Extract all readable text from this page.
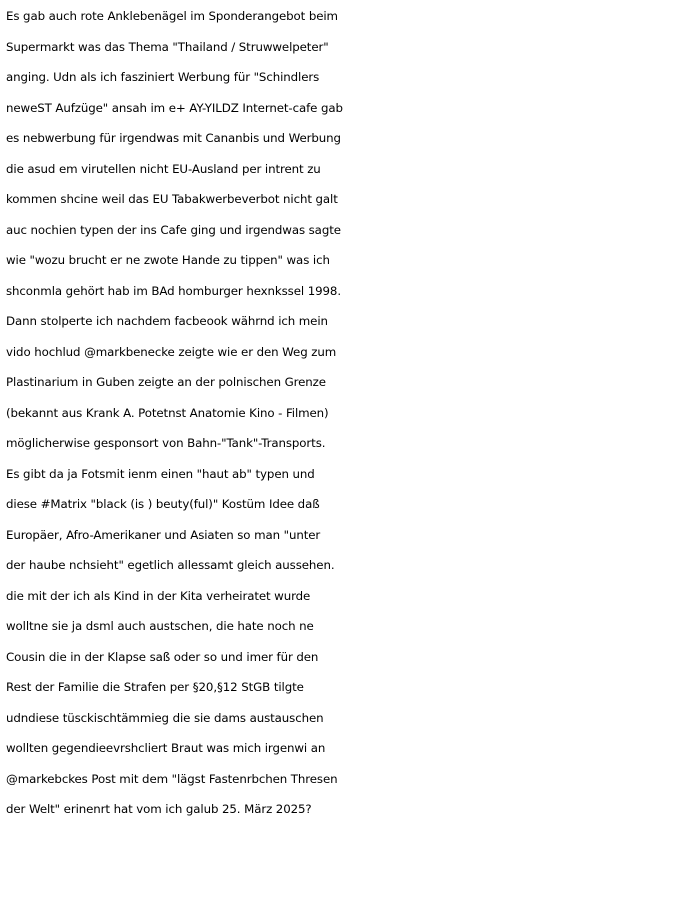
Es gab auch rote Anklebenägel im Sponderangebot beim
Supermarkt was das Thema "Thailand / Struwwelpeter"
anging. Udn als ich fasziniert Werbung für "Schindlers
neweST Aufzüge" ansah im e+ AY-YILDZ Internet-cafe gab
es nebwerbung für irgendwas mit Cananbis und Werbung
die asud em virutellen nicht EU-Ausland per intrent zu
kommen shcine weil das EU Tabakwerbeverbot nicht galt
auc nochien typen der ins Cafe ging und irgendwas sagte
wie "wozu brucht er ne zwote Hande zu tippen" was ich
shconmla gehört hab im BAd homburger hexnkssel 1998.
Dann stolperte ich nachdem facbeook währnd ich mein
vido hochlud @markbenecke zeigte wie er den Weg zum
Plastinarium in Guben zeigte an der polnischen Grenze
(bekannt aus Krank A. Potetnst Anatomie Kino - Filmen)
möglicherwise gesponsort von Bahn-"Tank"-Transports.
Es gibt da ja Fotsmit ienm einen "haut ab" typen und
diese #Matrix "black (is ) beuty(ful)" Kostüm Idee daß
Europäer, Afro-Amerikaner und Asiaten so man "unter
der haube nchsieht" egetlich allessamt gleich aussehen.
die mit der ich als Kind in der Kita verheiratet wurde
wolltne sie ja dsml auch austschen, die hate noch ne
Cousin die in der Klapse saß oder so und imer für den
Rest der Familie die Strafen per §20,§12 StGB tilgte
udndiese tüsckischtämmieg die sie dams austauschen
wollten gegendieevrshcliert Braut was mich irgenwi an
@markebckes Post mit dem "lägst Fastenrbchen Thresen
der Welt" erinenrt hat vom ich galub 25. März 2025?
